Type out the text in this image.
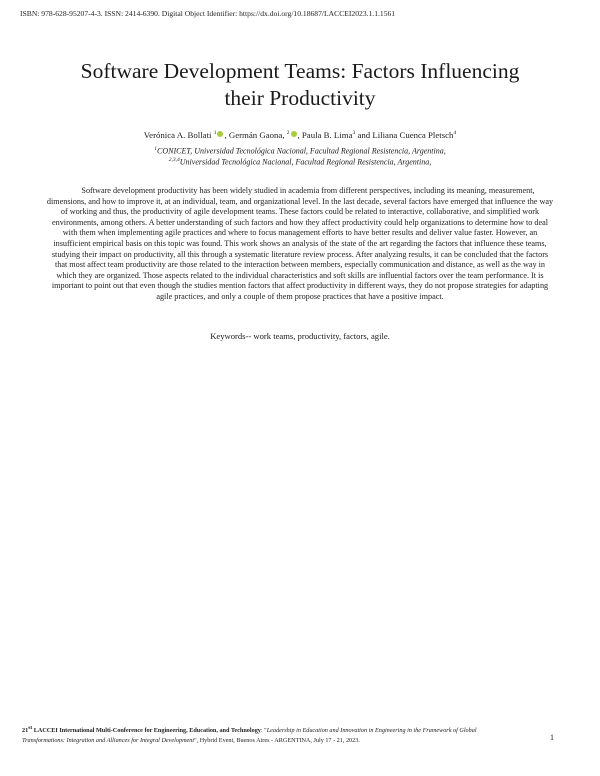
ISBN: 978-628-95207-4-3. ISSN: 2414-6390. Digital Object Identifier: https://dx.doi.org/10.18687/LACCEI2023.1.1.1561
Software Development Teams: Factors Influencing
their Productivity
Verónica A. Bollati $^1$ , Germán Gaona, $^2$ , Paula B. Lima$^3$ and Liliana Cuenca Pletsch$^4$
$^1$CONICET, Universidad Tecnológica Nacional, Facultad Regional Resistencia, Argentina,
$^{2,3,4}$Universidad Tecnológica Nacional, Facultad Regional Resistencia, Argentina,
Software development productivity has been widely studied in academia from different perspectives, including its meaning, measurement, dimensions, and how to improve it, at an individual, team, and organizational level. In the last decade, several factors have emerged that influence the way of working and thus, the productivity of agile development teams. These factors could be related to interactive, collaborative, and simplified work environments, among others. A better understanding of such factors and how they affect productivity could help organizations to determine how to deal with them when implementing agile practices and where to focus management efforts to have better results and deliver value faster. However, an insufficient empirical basis on this topic was found. This work shows an analysis of the state of the art regarding the factors that influence these teams, studying their impact on productivity, all this through a systematic literature review process. After analyzing results, it can be concluded that the factors that most affect team productivity are those related to the interaction between members, especially communication and distance, as well as the way in which they are organized. Those aspects related to the individual characteristics and soft skills are influential factors over the team performance. It is important to point out that even though the studies mention factors that affect productivity in different ways, they do not propose strategies for adapting agile practices, and only a couple of them propose practices that have a positive impact.
Keywords-- work teams, productivity, factors, agile.
21st LACCEI International Multi-Conference for Engineering, Education, and Technology: "Leadership in Education and Innovation in Engineering in the Framework of Global
Transformations: Integration and Alliances for Integral Development", Hybrid Event, Buenos Aires - ARGENTINA, July 17 - 21, 2023.	1
